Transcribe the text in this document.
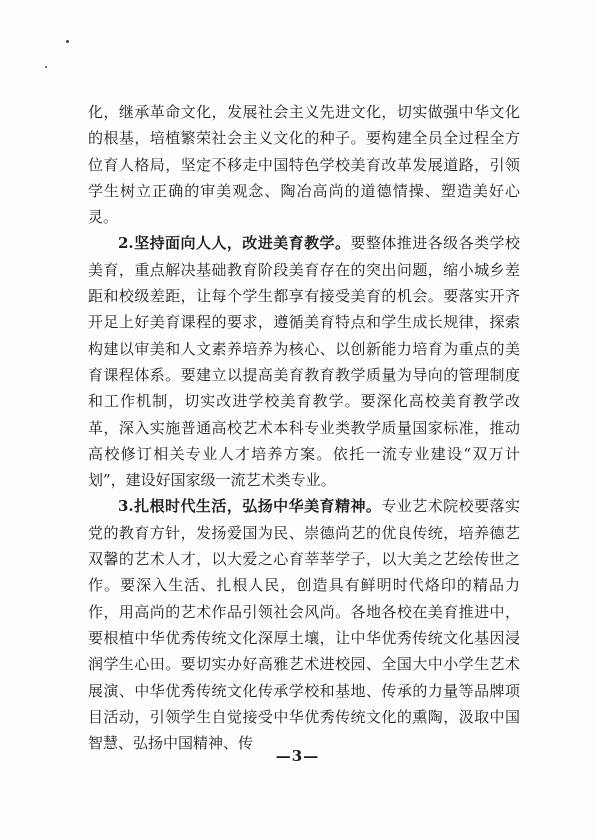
化，继承革命文化，发展社会主义先进文化，切实做强中华文化的根基，培植繁荣社会主义文化的种子。要构建全员全过程全方位育人格局，坚定不移走中国特色学校美育改革发展道路，引领学生树立正确的审美观念、陶冶高尚的道德情操、塑造美好心灵。

2.坚持面向人人，改进美育教学。要整体推进各级各类学校美育，重点解决基础教育阶段美育存在的突出问题，缩小城乡差距和校级差距，让每个学生都享有接受美育的机会。要落实开齐开足上好美育课程的要求，遵循美育特点和学生成长规律，探索构建以审美和人文素养培养为核心、以创新能力培育为重点的美育课程体系。要建立以提高美育教育教学质量为导向的管理制度和工作机制，切实改进学校美育教学。要深化高校美育教学改革，深入实施普通高校艺术本科专业类教学质量国家标准，推动高校修订相关专业人才培养方案。依托一流专业建设“双万计划”，建设好国家级一流艺术类专业。

3.扎根时代生活，弘扬中华美育精神。专业艺术院校要落实党的教育方针，发扬爱国为民、崇德尚艺的优良传统，培养德艺双馨的艺术人才，以大爱之心育莘莘学子，以大美之艺绘传世之作。要深入生活、扎根人民，创造具有鲜明时代烙印的精品力作，用高尚的艺术作品引领社会风尚。各地各校在美育推进中，要根植中华优秀传统文化深厚土壤，让中华优秀传统文化基因浸润学生心田。要切实办好高雅艺术进校园、全国大中小学生艺术展演、中华优秀传统文化传承学校和基地、传承的力量等品牌项目活动，引领学生自觉接受中华优秀传统文化的熏陶，汲取中国智慧、弘扬中国精神、传

—3—
